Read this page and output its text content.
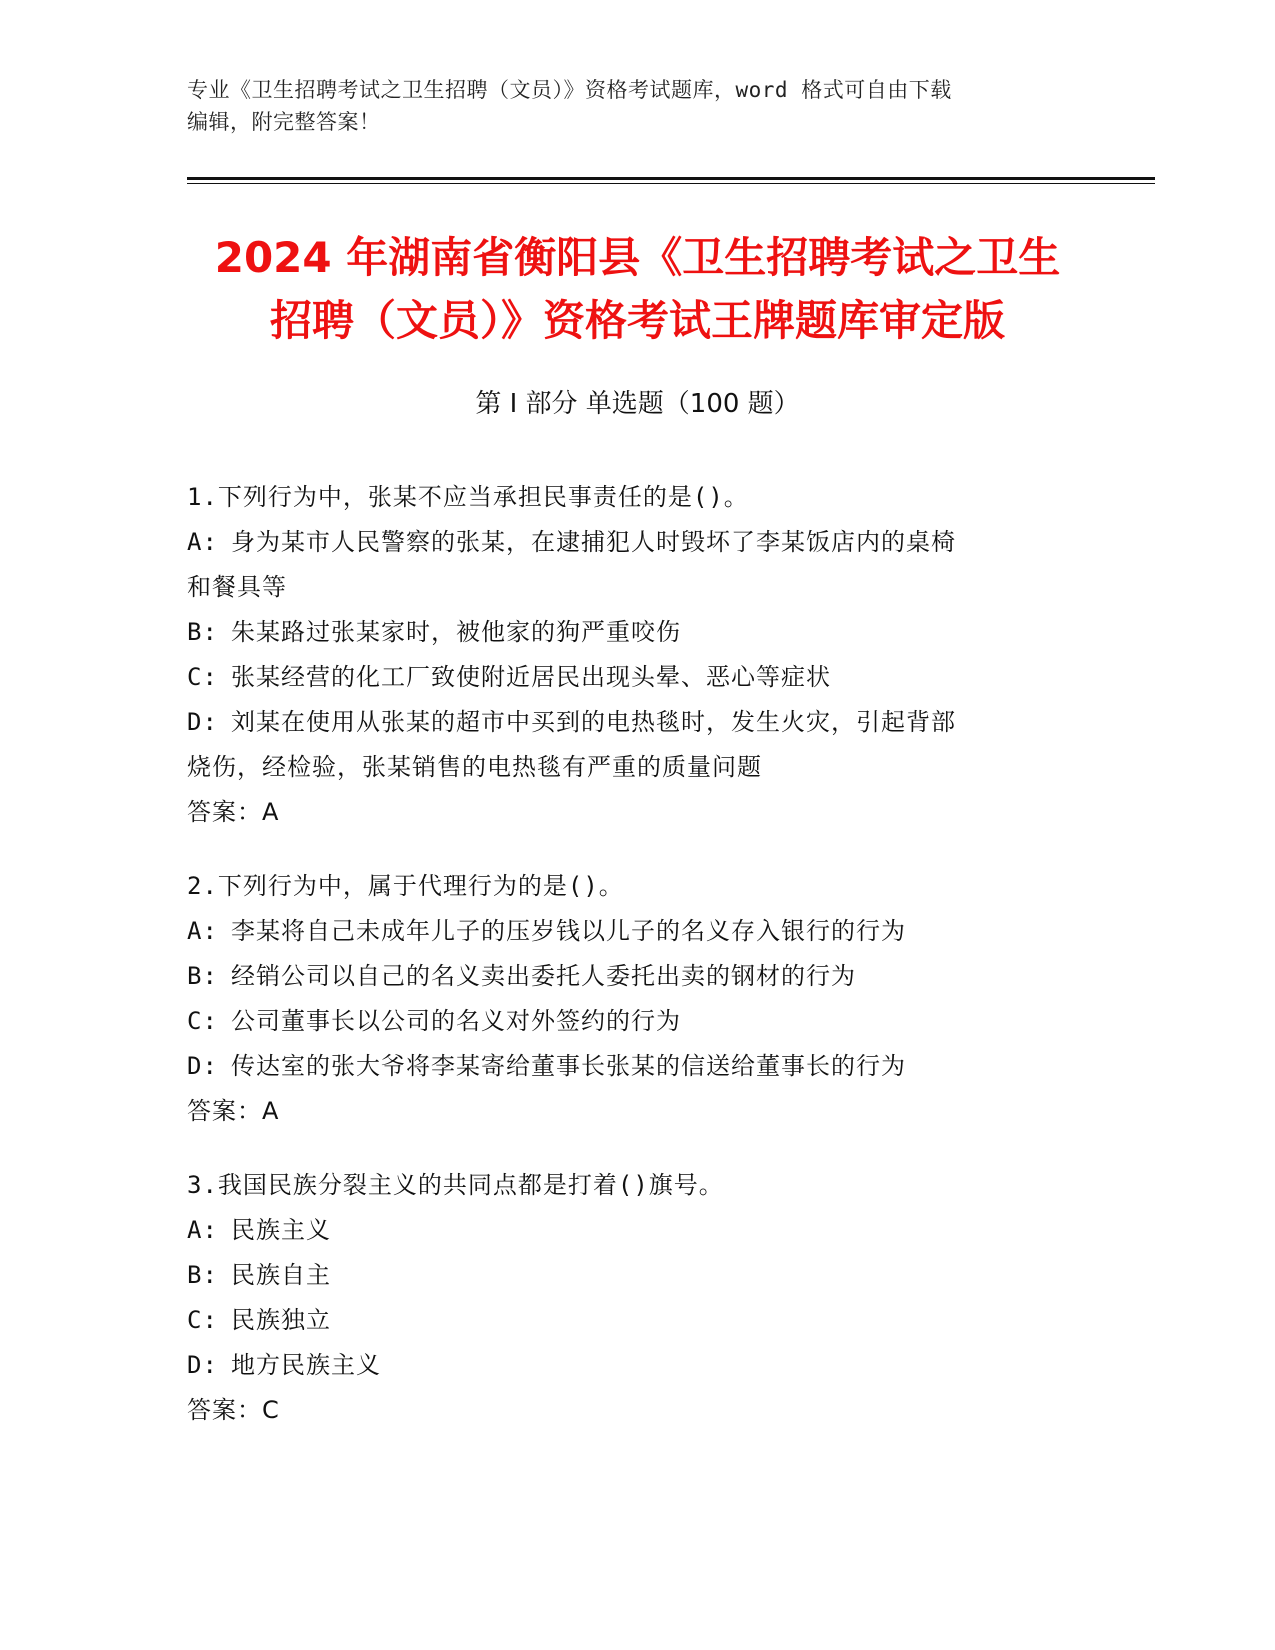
专业《卫生招聘考试之卫生招聘（文员）》资格考试题库，word 格式可自由下载
编辑，附完整答案！
2024 年湖南省衡阳县《卫生招聘考试之卫生
招聘（文员）》资格考试王牌题库审定版
第 I 部分 单选题（100 题）
1.下列行为中，张某不应当承担民事责任的是()。
A: 身为某市人民警察的张某，在逮捕犯人时毁坏了李某饭店内的桌椅
和餐具等
B: 朱某路过张某家时，被他家的狗严重咬伤
C: 张某经营的化工厂致使附近居民出现头晕、恶心等症状
D: 刘某在使用从张某的超市中买到的电热毯时，发生火灾，引起背部
烧伤，经检验，张某销售的电热毯有严重的质量问题
答案：A
2.下列行为中，属于代理行为的是()。
A: 李某将自己未成年儿子的压岁钱以儿子的名义存入银行的行为
B: 经销公司以自己的名义卖出委托人委托出卖的钢材的行为
C: 公司董事长以公司的名义对外签约的行为
D: 传达室的张大爷将李某寄给董事长张某的信送给董事长的行为
答案：A
3.我国民族分裂主义的共同点都是打着()旗号。
A: 民族主义
B: 民族自主
C: 民族独立
D: 地方民族主义
答案：C
